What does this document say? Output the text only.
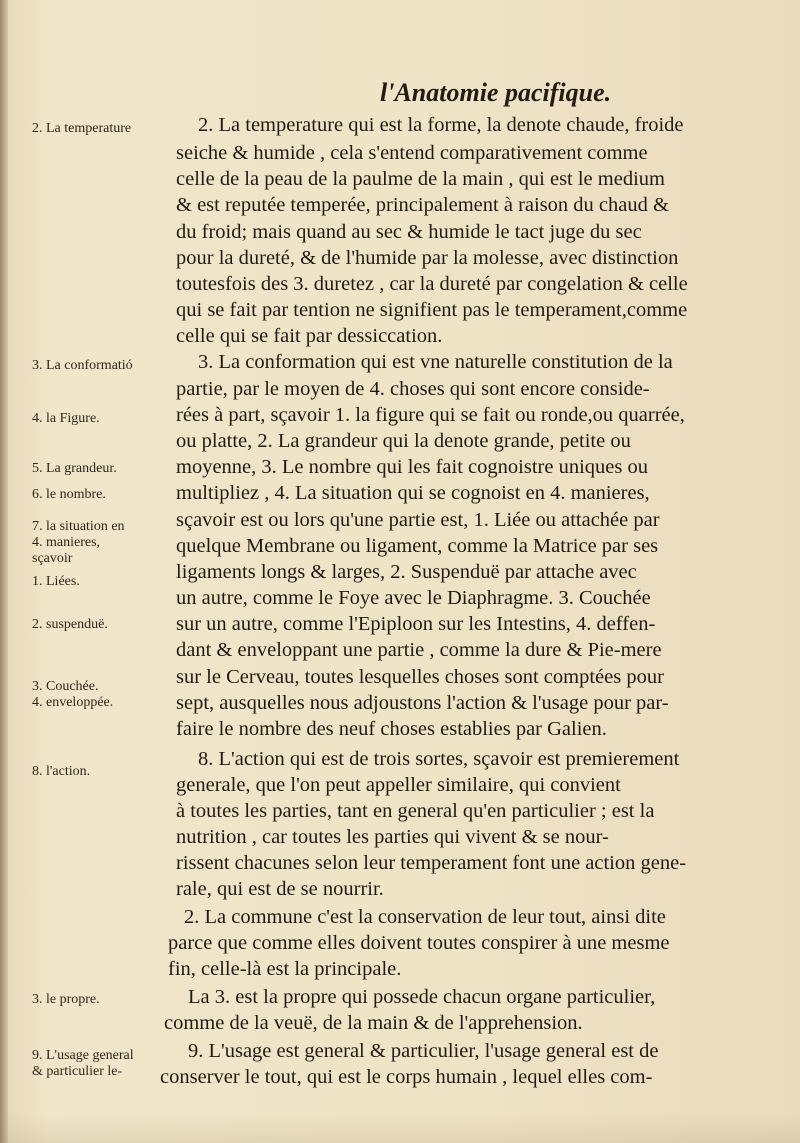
l'Anatomie pacifique.
2. La temperature
3. La conformatió
4. la Figure.
5. La grandeur.
6. le nombre.
7. la situation en
4. manieres,
sçavoir
1. Liées.
2. suspenduë.
3. Couchée.
4. enveloppée.
8. l'action.
3. le propre.
9. L'usage general
& particulier le-
2. La temperature qui est la forme, la denote chaude, froide
seiche & humide , cela s'entend comparativement comme
celle de la peau de la paulme de la main , qui est le medium
& est reputée temperée, principalement à raison du chaud &
du froid; mais quand au sec & humide le tact juge du sec
pour la dureté, & de l'humide par la molesse, avec distinction
toutesfois des 3. duretez , car la dureté par congelation & celle
qui se fait par tention ne signifient pas le temperament,comme
celle qui se fait par dessiccation.
3. La conformation qui est vne naturelle constitution de la
partie, par le moyen de 4. choses qui sont encore conside-
rées à part, sçavoir 1. la figure qui se fait ou ronde,ou quarrée,
ou platte, 2. La grandeur qui la denote grande, petite ou
moyenne, 3. Le nombre qui les fait cognoistre uniques ou
multipliez , 4. La situation qui se cognoist en 4. manieres,
sçavoir est ou lors qu'une partie est, 1. Liée ou attachée par
quelque Membrane ou ligament, comme la Matrice par ses
ligaments longs & larges, 2. Suspenduë par attache avec
un autre, comme le Foye avec le Diaphragme. 3. Couchée
sur un autre, comme l'Epiploon sur les Intestins, 4. deffen-
dant & enveloppant une partie , comme la dure & Pie-mere
sur le Cerveau, toutes lesquelles choses sont comptées pour
sept, ausquelles nous adjoustons l'action & l'usage pour par-
faire le nombre des neuf choses establies par Galien.
8. L'action qui est de trois sortes, sçavoir est premierement
generale, que l'on peut appeller similaire, qui convient
à toutes les parties, tant en general qu'en particulier ; est la
nutrition , car toutes les parties qui vivent & se nour-
rissent chacunes selon leur temperament font une action gene-
rale, qui est de se nourrir.
2. La commune c'est la conservation de leur tout, ainsi dite
parce que comme elles doivent toutes conspirer à une mesme
fin, celle-là est la principale.
La 3. est la propre qui possede chacun organe particulier,
comme de la veuë, de la main & de l'apprehension.
9. L'usage est general & particulier, l'usage general est de
conserver le tout, qui est le corps humain , lequel elles com-
